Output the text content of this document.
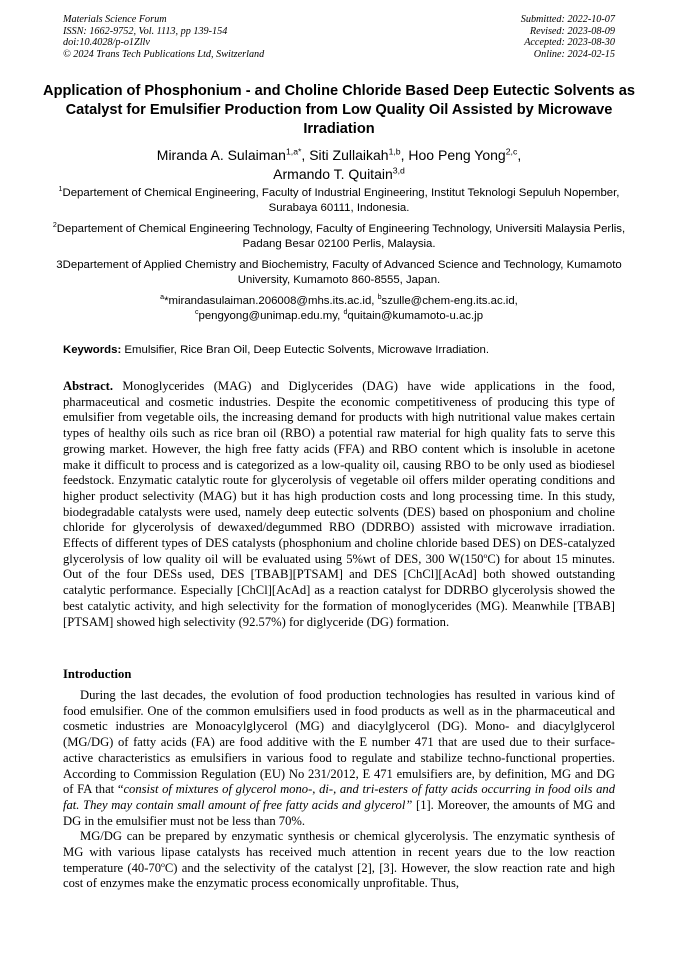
Materials Science Forum
ISSN: 1662-9752, Vol. 1113, pp 139-154
doi:10.4028/p-o1Zllv
© 2024 Trans Tech Publications Ltd, Switzerland
Submitted: 2022-10-07
Revised: 2023-08-09
Accepted: 2023-08-30
Online: 2024-02-15
Application of Phosphonium - and Choline Chloride Based Deep Eutectic Solvents as Catalyst for Emulsifier Production from Low Quality Oil Assisted by Microwave Irradiation
Miranda A. Sulaiman$^{1,a*}$, Siti Zullaikah$^{1,b}$, Hoo Peng Yong$^{2,c}$,
Armando T. Quitain$^{3,d}$
$^1$Departement of Chemical Engineering, Faculty of Industrial Engineering, Institut Teknologi Sepuluh Nopember, Surabaya 60111, Indonesia.
$^2$Departement of Chemical Engineering Technology, Faculty of Engineering Technology, Universiti Malaysia Perlis, Padang Besar 02100 Perlis, Malaysia.
3Departement of Applied Chemistry and Biochemistry, Faculty of Advanced Science and Technology, Kumamoto University, Kumamoto 860-8555, Japan.
$^a$*mirandasulaiman.206008@mhs.its.ac.id, $^b$szulle@chem-eng.its.ac.id,
$^c$pengyong@unimap.edu.my, $^d$quitain@kumamoto-u.ac.jp
Keywords: Emulsifier, Rice Bran Oil, Deep Eutectic Solvents, Microwave Irradiation.
Abstract. Monoglycerides (MAG) and Diglycerides (DAG) have wide applications in the food, pharmaceutical and cosmetic industries. Despite the economic competitiveness of producing this type of emulsifier from vegetable oils, the increasing demand for products with high nutritional value makes certain types of healthy oils such as rice bran oil (RBO) a potential raw material for high quality fats to serve this growing market. However, the high free fatty acids (FFA) and RBO content which is insoluble in acetone make it difficult to process and is categorized as a low-quality oil, causing RBO to be only used as biodiesel feedstock. Enzymatic catalytic route for glycerolysis of vegetable oil offers milder operating conditions and higher product selectivity (MAG) but it has high production costs and long processing time. In this study, biodegradable catalysts were used, namely deep eutectic solvents (DES) based on phosponium and choline chloride for glycerolysis of dewaxed/degummed RBO (DDRBO) assisted with microwave irradiation. Effects of different types of DES catalysts (phosphonium and choline chloride based DES) on DES-catalyzed glycerolysis of low quality oil will be evaluated using 5%wt of DES, 300 W(150$^o$C) for about 15 minutes. Out of the four DESs used, DES [TBAB][PTSAM] and DES [ChCl][AcAd] both showed outstanding catalytic performance. Especially [ChCl][AcAd] as a reaction catalyst for DDRBO glycerolysis showed the best catalytic activity, and high selectivity for the formation of monoglycerides (MG). Meanwhile [TBAB][PTSAM] showed high selectivity (92.57%) for diglyceride (DG) formation.
Introduction

During the last decades, the evolution of food production technologies has resulted in various kind of food emulsifier. One of the common emulsifiers used in food products as well as in the pharmaceutical and cosmetic industries are Monoacylglycerol (MG) and diacylglycerol (DG). Mono- and diacylglycerol (MG/DG) of fatty acids (FA) are food additive with the E number 471 that are used due to their surface-active characteristics as emulsifiers in various food to regulate and stabilize techno-functional properties. According to Commission Regulation (EU) No 231/2012, E 471 emulsifiers are, by definition, MG and DG of FA that “consist of mixtures of glycerol mono-, di-, and tri-esters of fatty acids occurring in food oils and fat. They may contain small amount of free fatty acids and glycerol” [1]. Moreover, the amounts of MG and DG in the emulsifier must not be less than 70%.

MG/DG can be prepared by enzymatic synthesis or chemical glycerolysis. The enzymatic synthesis of MG with various lipase catalysts has received much attention in recent years due to the low reaction temperature (40-70$^o$C) and the selectivity of the catalyst [2], [3]. However, the slow reaction rate and high cost of enzymes make the enzymatic process economically unprofitable. Thus,
